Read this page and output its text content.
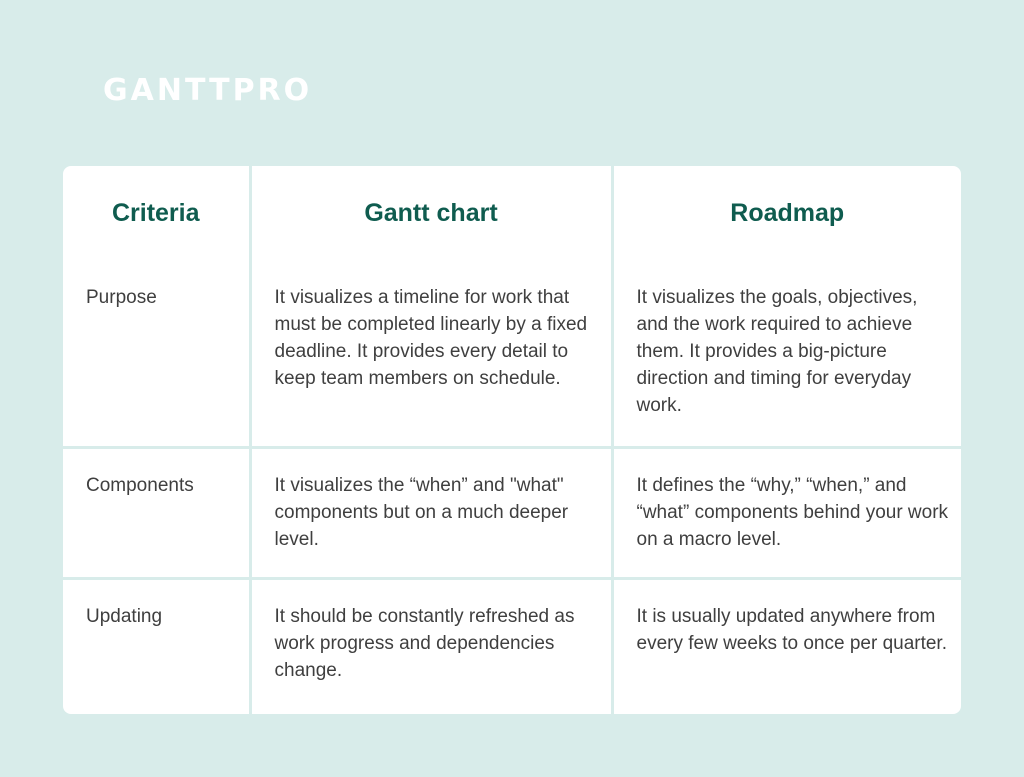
GANTTPRO
Criteria	Gantt chart	Roadmap
Purpose	It visualizes a timeline for work that must be completed linearly by a fixed deadline. It provides every detail to keep team members on schedule.	It visualizes the goals, objectives, and the work required to achieve them. It provides a big-picture direction and timing for everyday work.
Components	It visualizes the “when” and "what" components but on a much deeper level.	It defines the “why,” “when,” and “what” components behind your work on a macro level.
Updating	It should be constantly refreshed as work progress and dependencies change.	It is usually updated anywhere from every few weeks to once per quarter.
